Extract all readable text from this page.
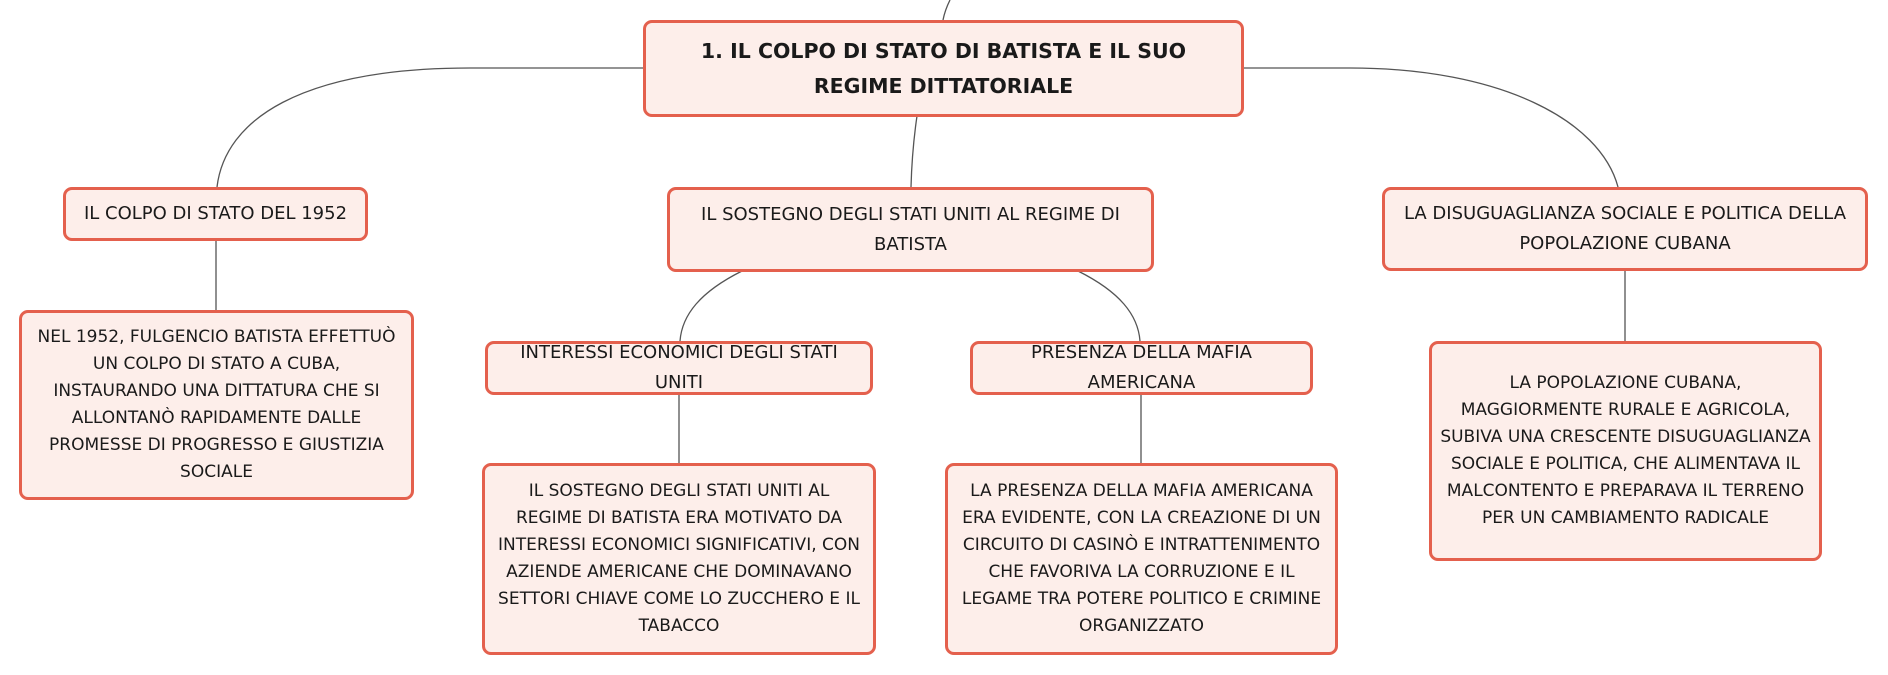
1. IL COLPO DI STATO DI BATISTA E IL SUO REGIME DITTATORIALE
IL COLPO DI STATO DEL 1952
NEL 1952, FULGENCIO BATISTA EFFETTUÒ UN COLPO DI STATO A CUBA, INSTAURANDO UNA DITTATURA CHE SI ALLONTANÒ RAPIDAMENTE DALLE PROMESSE DI PROGRESSO E GIUSTIZIA SOCIALE
IL SOSTEGNO DEGLI STATI UNITI AL REGIME DI BATISTA
INTERESSI ECONOMICI DEGLI STATI UNITI
IL SOSTEGNO DEGLI STATI UNITI AL REGIME DI BATISTA ERA MOTIVATO DA INTERESSI ECONOMICI SIGNIFICATIVI, CON AZIENDE AMERICANE CHE DOMINAVANO SETTORI CHIAVE COME LO ZUCCHERO E IL TABACCO
PRESENZA DELLA MAFIA AMERICANA
LA PRESENZA DELLA MAFIA AMERICANA ERA EVIDENTE, CON LA CREAZIONE DI UN CIRCUITO DI CASINÒ E INTRATTENIMENTO CHE FAVORIVA LA CORRUZIONE E IL LEGAME TRA POTERE POLITICO E CRIMINE ORGANIZZATO
LA DISUGUAGLIANZA SOCIALE E POLITICA DELLA POPOLAZIONE CUBANA
LA POPOLAZIONE CUBANA, MAGGIORMENTE RURALE E AGRICOLA, SUBIVA UNA CRESCENTE DISUGUAGLIANZA SOCIALE E POLITICA, CHE ALIMENTAVA IL MALCONTENTO E PREPARAVA IL TERRENO PER UN CAMBIAMENTO RADICALE
